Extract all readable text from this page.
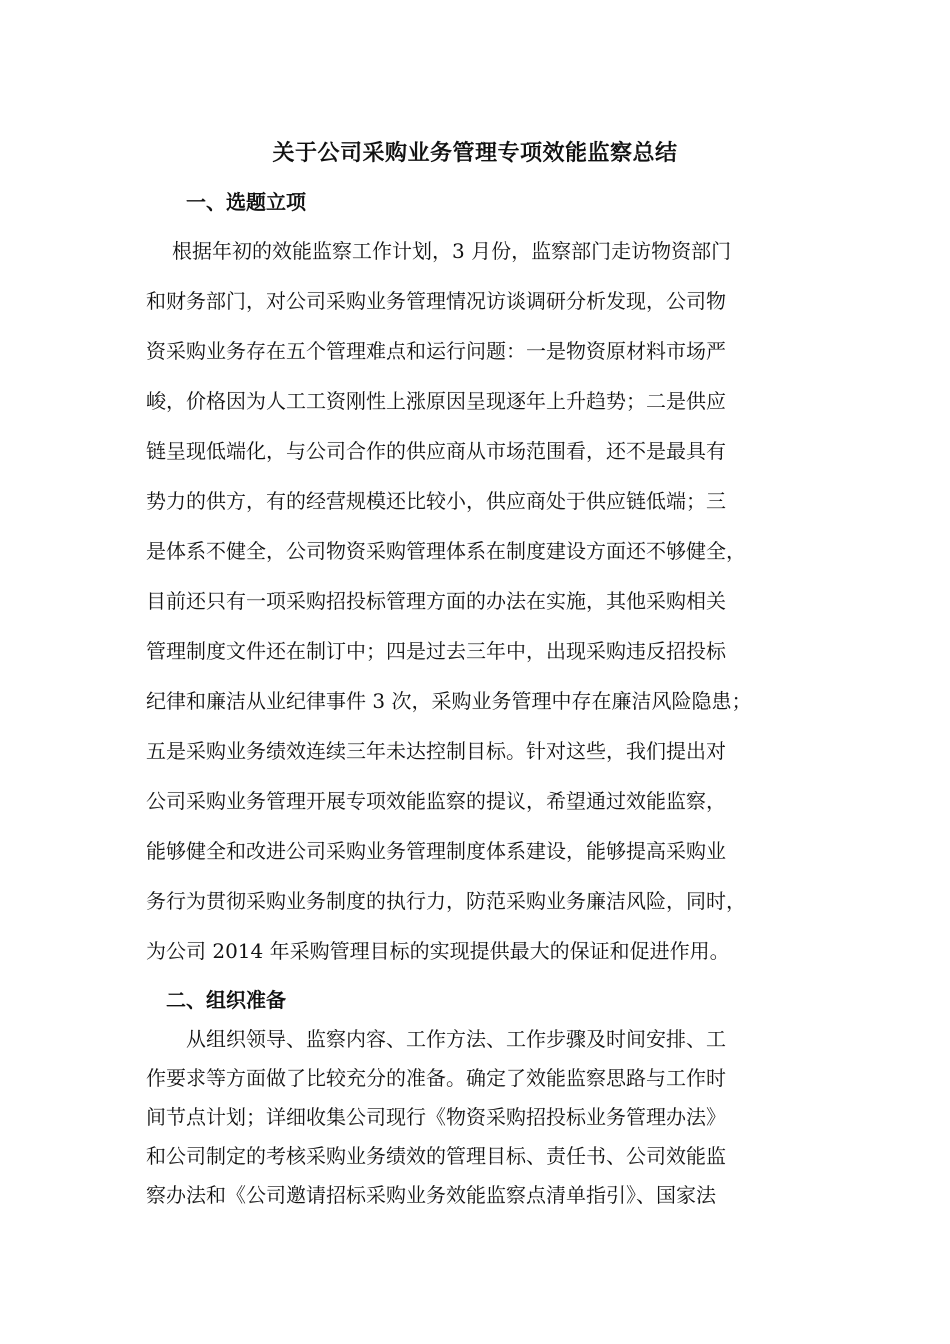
关于公司采购业务管理专项效能监察总结
一、选题立项
根据年初的效能监察工作计划，3 月份，监察部门走访物资部门
和财务部门，对公司采购业务管理情况访谈调研分析发现，公司物
资采购业务存在五个管理难点和运行问题：一是物资原材料市场严
峻，价格因为人工工资刚性上涨原因呈现逐年上升趋势；二是供应
链呈现低端化，与公司合作的供应商从市场范围看，还不是最具有
势力的供方，有的经营规模还比较小，供应商处于供应链低端；三
是体系不健全，公司物资采购管理体系在制度建设方面还不够健全，
目前还只有一项采购招投标管理方面的办法在实施，其他采购相关
管理制度文件还在制订中；四是过去三年中，出现采购违反招投标
纪律和廉洁从业纪律事件 3 次，采购业务管理中存在廉洁风险隐患；
五是采购业务绩效连续三年未达控制目标。针对这些，我们提出对
公司采购业务管理开展专项效能监察的提议，希望通过效能监察，
能够健全和改进公司采购业务管理制度体系建设，能够提高采购业
务行为贯彻采购业务制度的执行力，防范采购业务廉洁风险，同时，
为公司 2014 年采购管理目标的实现提供最大的保证和促进作用。
二、组织准备
从组织领导、监察内容、工作方法、工作步骤及时间安排、工
作要求等方面做了比较充分的准备。确定了效能监察思路与工作时
间节点计划；详细收集公司现行《物资采购招投标业务管理办法》
和公司制定的考核采购业务绩效的管理目标、责任书、公司效能监
察办法和《公司邀请招标采购业务效能监察点清单指引》、国家法
